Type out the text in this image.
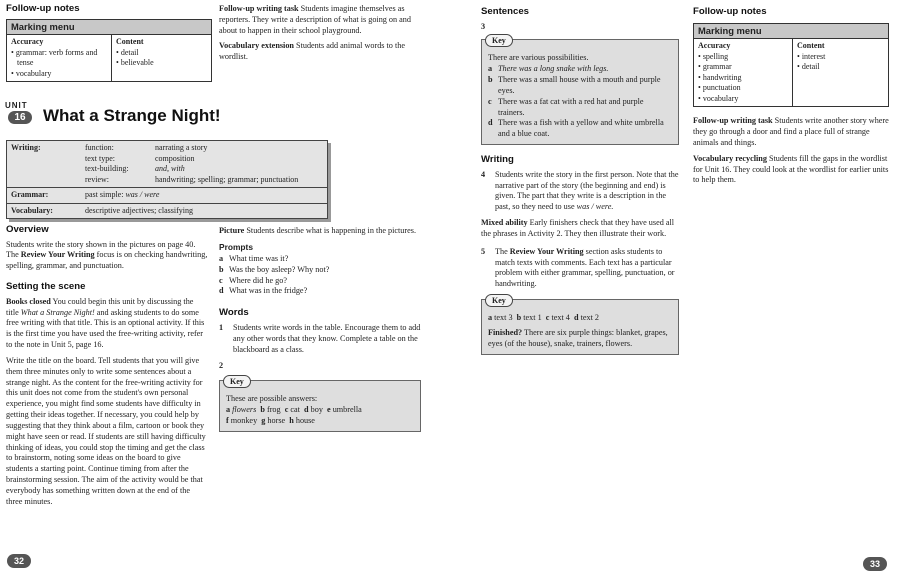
Follow-up notes
Marking menu
Accuracy
• grammar: verb forms and tense
• vocabulary
Content
• detail
• believable
UNIT
16	What a Strange Night!
Writing:	function:	narrating a story
text type:	composition
text-building:	and, with
review:	handwriting; spelling; grammar; punctuation
Grammar:	past simple: was / were
Vocabulary:	descriptive adjectives; classifying
Overview

Students write the story shown in the pictures on page 40. The Review Your Writing focus is on checking handwriting, spelling, grammar, and punctuation.

Setting the scene

Books closed You could begin this unit by discussing the title What a Strange Night! and asking students to do some free writing with that title. This is an optional activity. If this is the first time you have used the free-writing activity, refer to the note in Unit 5, page 16.

Write the title on the board. Tell students that you will give them three minutes only to write some sentences about a strange night. As the content for the free-writing activity for this unit does not come from the student's own personal experience, you might find some students have difficulty in getting their ideas together. If necessary, you could help by suggesting that they think about a film, cartoon or book they might have seen or read. If students are still having difficulty thinking of ideas, you could stop the timing and get the class to brainstorm, noting some ideas on the board to give students a starting point. Continue timing from after the brainstorming session. The aim of the activity would be that everybody has something written down at the end of the three minutes.

Follow-up writing task Students imagine themselves as reporters. They write a description of what is going on and about to happen in their school playground.

Vocabulary extension Students add animal words to the wordlist.

Picture Students describe what is happening in the pictures.

Prompts
a What time was it?
b Was the boy asleep? Why not?
c Where did he go?
d What was in the fridge?
Words
1 Students write words in the table. Encourage them to add any other words that they know. Complete a table on the blackboard as a class.
2
Key
These are possible answers:
a flowers b frog c cat d boy e umbrella
f monkey g horse h house
32
Sentences
3
Key
There are various possibilities.
a There was a long snake with legs.
b There was a small house with a mouth and purple eyes.
c There was a fat cat with a red hat and purple trainers.
d There was a fish with a yellow and white umbrella and a blue coat.
Writing
4 Students write the story in the first person. Note that the narrative part of the story (the beginning and end) is given. The part that they write is a description in the past, so they need to use was / were.

Mixed ability Early finishers check that they have used all the phrases in Activity 2. They then illustrate their work.

5 The Review Your Writing section asks students to match texts with comments. Each text has a particular problem with either grammar, spelling, punctuation, or handwriting.
Key
a text 3 b text 1 c text 4 d text 2
Finished? There are six purple things: blanket, grapes, eyes (of the house), snake, trainers, flowers.
Follow-up notes
Marking menu
Accuracy
• spelling
• grammar
• handwriting
• punctuation
• vocabulary
Content
• interest
• detail

Follow-up writing task Students write another story where they go through a door and find a place full of strange animals and things.

Vocabulary recycling Students fill the gaps in the wordlist for Unit 16. They could look at the wordlist for earlier units to help them.

33
